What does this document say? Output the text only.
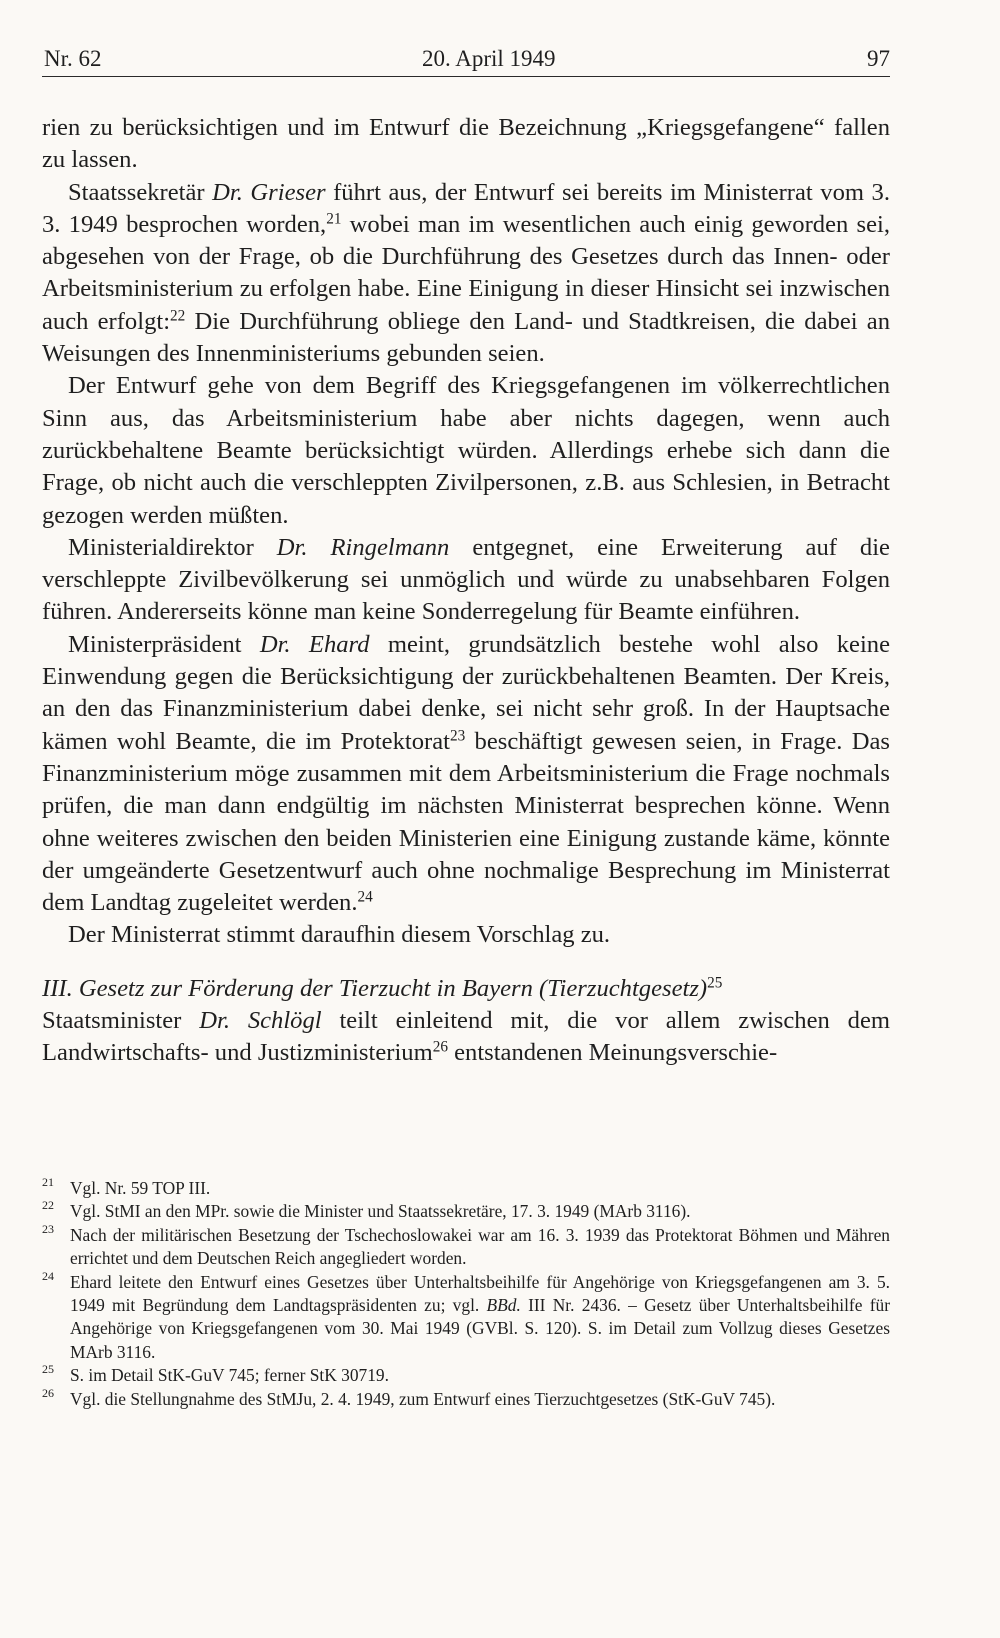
Nr. 62	20. April 1949	97

rien zu berücksichtigen und im Entwurf die Bezeichnung „Kriegsgefangene“ fallen zu lassen.

Staatssekretär Dr. Grieser führt aus, der Entwurf sei bereits im Ministerrat vom 3. 3. 1949 besprochen worden,$^{21}$ wobei man im wesentlichen auch einig geworden sei, abgesehen von der Frage, ob die Durchführung des Gesetzes durch das Innen- oder Arbeitsministerium zu erfolgen habe. Eine Einigung in dieser Hinsicht sei inzwischen auch erfolgt:$^{22}$ Die Durchführung obliege den Land- und Stadtkreisen, die dabei an Weisungen des Innenministeriums gebunden seien.

Der Entwurf gehe von dem Begriff des Kriegsgefangenen im völkerrechtlichen Sinn aus, das Arbeitsministerium habe aber nichts dagegen, wenn auch zurückbehaltene Beamte berücksichtigt würden. Allerdings erhebe sich dann die Frage, ob nicht auch die verschleppten Zivilpersonen, z.B. aus Schlesien, in Betracht gezogen werden müßten.

Ministerialdirektor Dr. Ringelmann entgegnet, eine Erweiterung auf die verschleppte Zivilbevölkerung sei unmöglich und würde zu unabsehbaren Folgen führen. Andererseits könne man keine Sonderregelung für Beamte einführen.

Ministerpräsident Dr. Ehard meint, grundsätzlich bestehe wohl also keine Einwendung gegen die Berücksichtigung der zurückbehaltenen Beamten. Der Kreis, an den das Finanzministerium dabei denke, sei nicht sehr groß. In der Hauptsache kämen wohl Beamte, die im Protektorat$^{23}$ beschäftigt gewesen seien, in Frage. Das Finanzministerium möge zusammen mit dem Arbeitsministerium die Frage nochmals prüfen, die man dann endgültig im nächsten Ministerrat besprechen könne. Wenn ohne weiteres zwischen den beiden Ministerien eine Einigung zustande käme, könnte der umgeänderte Gesetzentwurf auch ohne nochmalige Besprechung im Ministerrat dem Landtag zugeleitet werden.$^{24}$

Der Ministerrat stimmt daraufhin diesem Vorschlag zu.

III. Gesetz zur Förderung der Tierzucht in Bayern (Tierzuchtgesetz)$^{25}$

Staatsminister Dr. Schlögl teilt einleitend mit, die vor allem zwischen dem Landwirtschafts- und Justizministerium$^{26}$ entstandenen Meinungsverschie-

21 Vgl. Nr. 59 TOP III.
22 Vgl. StMI an den MPr. sowie die Minister und Staatssekretäre, 17. 3. 1949 (MArb 3116).
23 Nach der militärischen Besetzung der Tschechoslowakei war am 16. 3. 1939 das Protektorat Böhmen und Mähren errichtet und dem Deutschen Reich angegliedert worden.
24 Ehard leitete den Entwurf eines Gesetzes über Unterhaltsbeihilfe für Angehörige von Kriegsgefangenen am 3. 5. 1949 mit Begründung dem Landtagspräsidenten zu; vgl. BBd. III Nr. 2436. – Gesetz über Unterhaltsbeihilfe für Angehörige von Kriegsgefangenen vom 30. Mai 1949 (GVBl. S. 120). S. im Detail zum Vollzug dieses Gesetzes MArb 3116.
25 S. im Detail StK-GuV 745; ferner StK 30719.
26 Vgl. die Stellungnahme des StMJu, 2. 4. 1949, zum Entwurf eines Tierzuchtgesetzes (StK-GuV 745).
